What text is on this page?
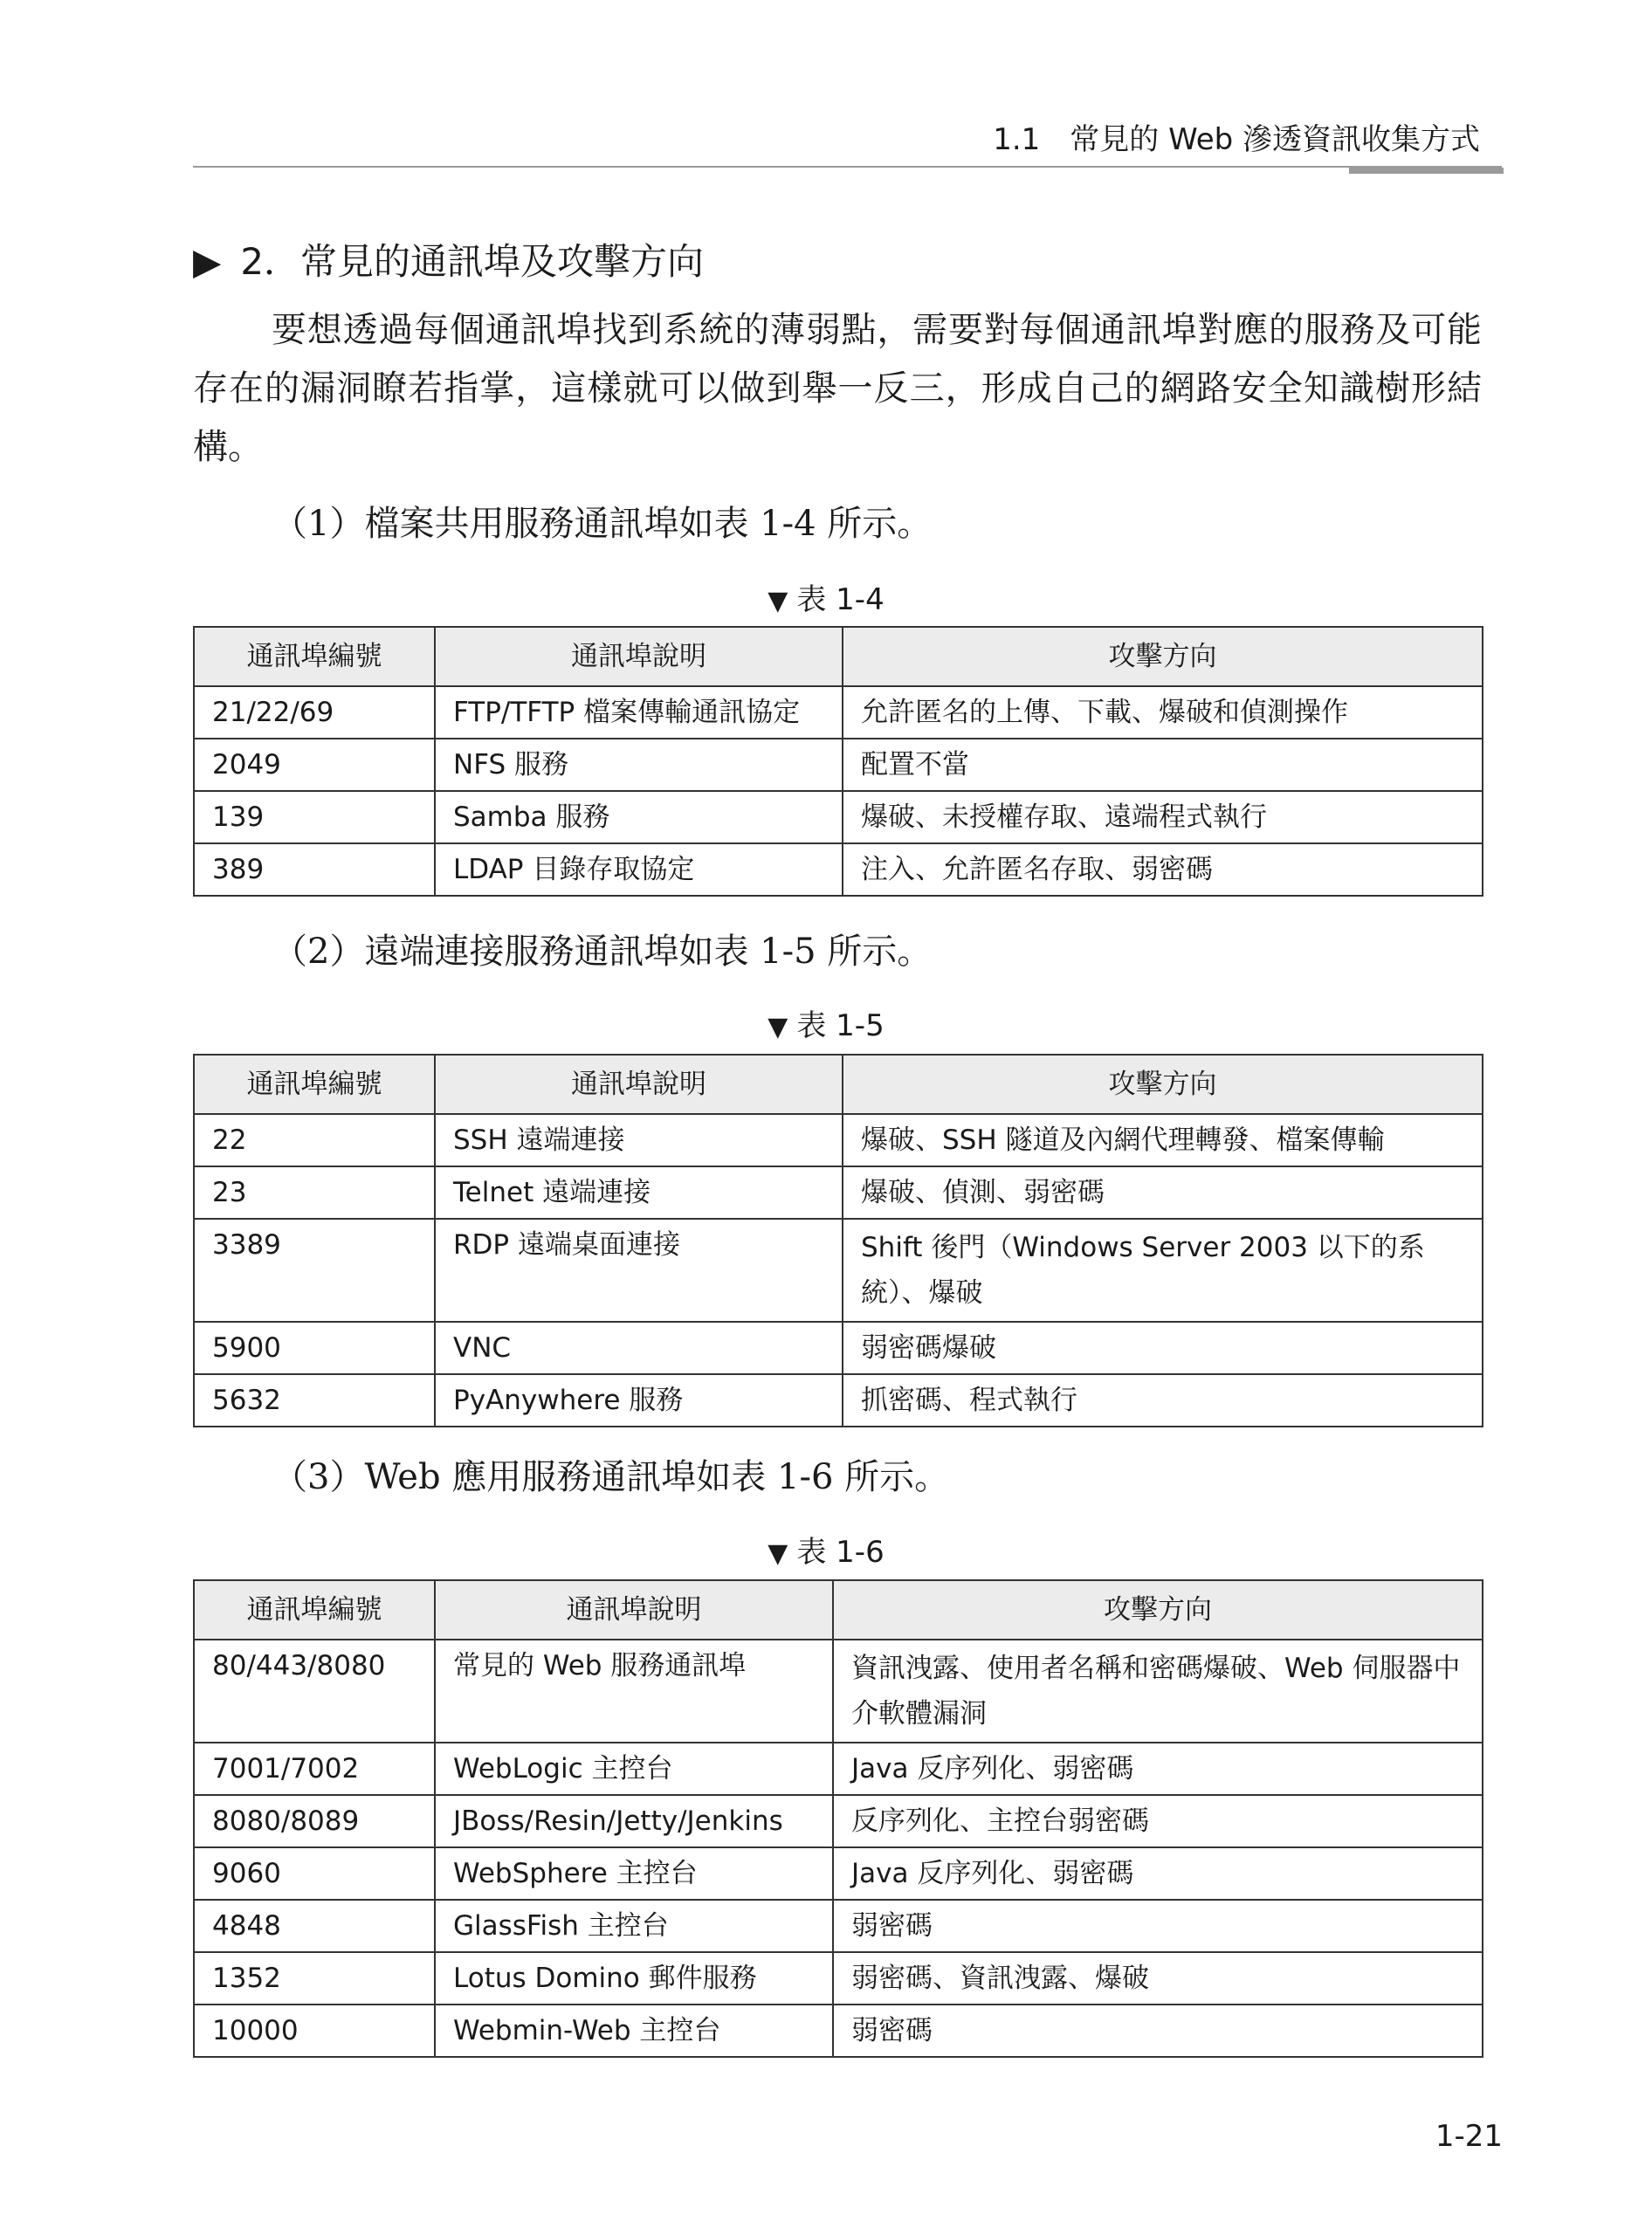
1.1　常見的 Web 滲透資訊收集方式
▶ 2．常見的通訊埠及攻擊方向

要想透過每個通訊埠找到系統的薄弱點，需要對每個通訊埠對應的服務及可能存在的漏洞瞭若指掌，這樣就可以做到舉一反三，形成自己的網路安全知識樹形結構。

（1）檔案共用服務通訊埠如表 1-4 所示。
▼ 表 1-4
通訊埠編號	通訊埠說明	攻擊方向
21/22/69	FTP/TFTP 檔案傳輸通訊協定	允許匿名的上傳、下載、爆破和偵測操作
2049	NFS 服務	配置不當
139	Samba 服務	爆破、未授權存取、遠端程式執行
389	LDAP 目錄存取協定	注入、允許匿名存取、弱密碼
（2）遠端連接服務通訊埠如表 1-5 所示。
▼ 表 1-5
通訊埠編號	通訊埠說明	攻擊方向
22	SSH 遠端連接	爆破、SSH 隧道及內網代理轉發、檔案傳輸
23	Telnet 遠端連接	爆破、偵測、弱密碼
3389	RDP 遠端桌面連接	Shift 後門（Windows Server 2003 以下的系統）、爆破
5900	VNC	弱密碼爆破
5632	PyAnywhere 服務	抓密碼、程式執行
（3）Web 應用服務通訊埠如表 1-6 所示。
▼ 表 1-6
通訊埠編號	通訊埠說明	攻擊方向
80/443/8080	常見的 Web 服務通訊埠	資訊洩露、使用者名稱和密碼爆破、Web 伺服器中介軟體漏洞
7001/7002	WebLogic 主控台	Java 反序列化、弱密碼
8080/8089	JBoss/Resin/Jetty/Jenkins	反序列化、主控台弱密碼
9060	WebSphere 主控台	Java 反序列化、弱密碼
4848	GlassFish 主控台	弱密碼
1352	Lotus Domino 郵件服務	弱密碼、資訊洩露、爆破
10000	Webmin-Web 主控台	弱密碼
1-21
